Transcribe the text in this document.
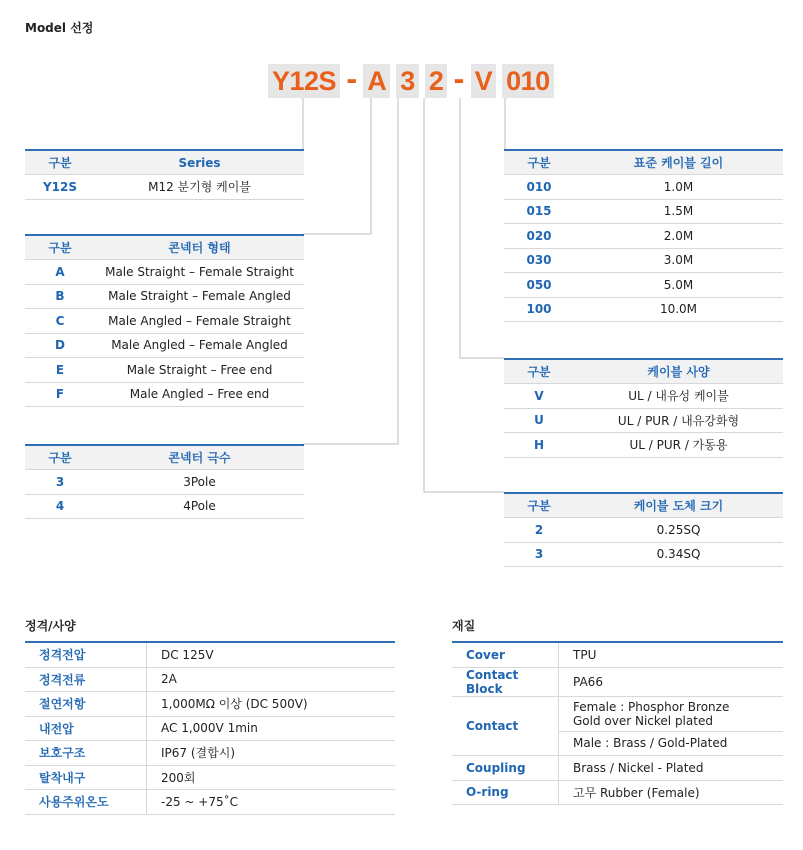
Model 선정
Y12S - A 3 2 - V 010
구분	Series
Y12S	M12 분기형 케이블
구분	콘넥터 형태
A	Male Straight – Female Straight
B	Male Straight – Female Angled
C	Male Angled – Female Straight
D	Male Angled – Female Angled
E	Male Straight – Free end
F	Male Angled – Free end
구분	콘넥터 극수
3	3Pole
4	4Pole
구분	표준 케이블 길이
010	1.0M
015	1.5M
020	2.0M
030	3.0M
050	5.0M
100	10.0M
구분	케이블 사양
V	UL / 내유성 케이블
U	UL / PUR / 내유강화형
H	UL / PUR / 가동용
구분	케이블 도체 크기
2	0.25SQ
3	0.34SQ
정격/사양
정격전압	DC 125V
정격전류	2A
절연저항	1,000MΩ 이상 (DC 500V)
내전압	AC 1,000V 1min
보호구조	IP67 (결합시)
탈착내구	200회
사용주위온도	-25 ~ +75˚C
재질
Cover	TPU
Contact Block	PA66
Contact	Female : Phosphor Bronze
Gold over Nickel plated

	Male : Brass / Gold-Plated
Coupling	Brass / Nickel - Plated
O-ring	고무 Rubber (Female)
